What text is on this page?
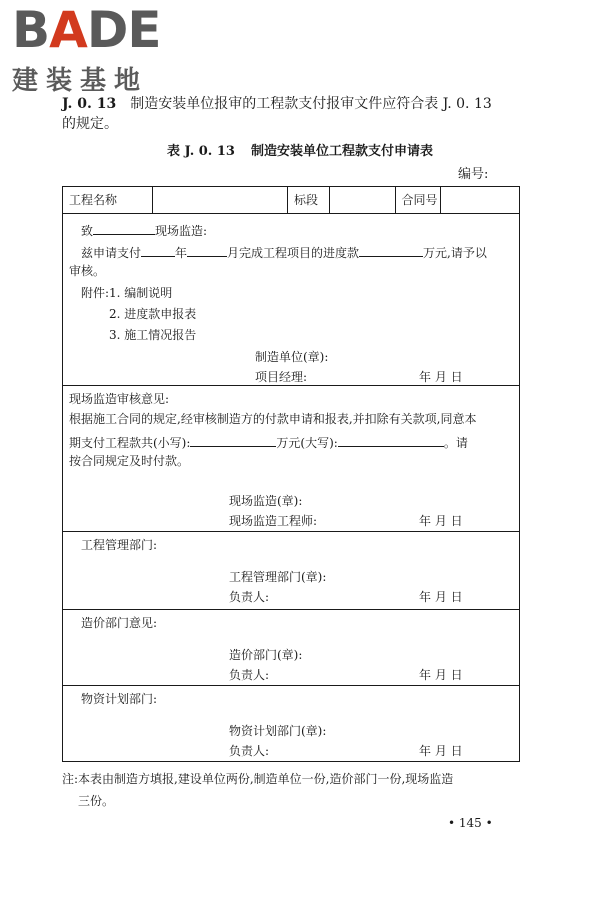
BADE
建装基地
J. 0. 13 制造安装单位报审的工程款支付报审文件应符合表 J. 0. 13
的规定。
表 J. 0. 13 制造安装单位工程款支付申请表
编号:
工程名称	标段	合同号
致	现场监造:
兹申请支付	年	月完成工程项目的进度款	万元,请予以
审核。
附件:1. 编制说明
2. 进度款申报表
3. 施工情况报告
制造单位(章):
项目经理:	年 月 日
现场监造审核意见:
根据施工合同的规定,经审核制造方的付款申请和报表,并扣除有关款项,同意本
期支付工程款共(小写):	万元(大写):	。请
按合同规定及时付款。
现场监造(章):
现场监造工程师:	年 月 日
工程管理部门:
工程管理部门(章):
负责人:	年 月 日
造价部门意见:
造价部门(章):
负责人:	年 月 日
物资计划部门:
物资计划部门(章):
负责人:	年 月 日
注:本表由制造方填报,建设单位两份,制造单位一份,造价部门一份,现场监造
三份。
• 145 •
